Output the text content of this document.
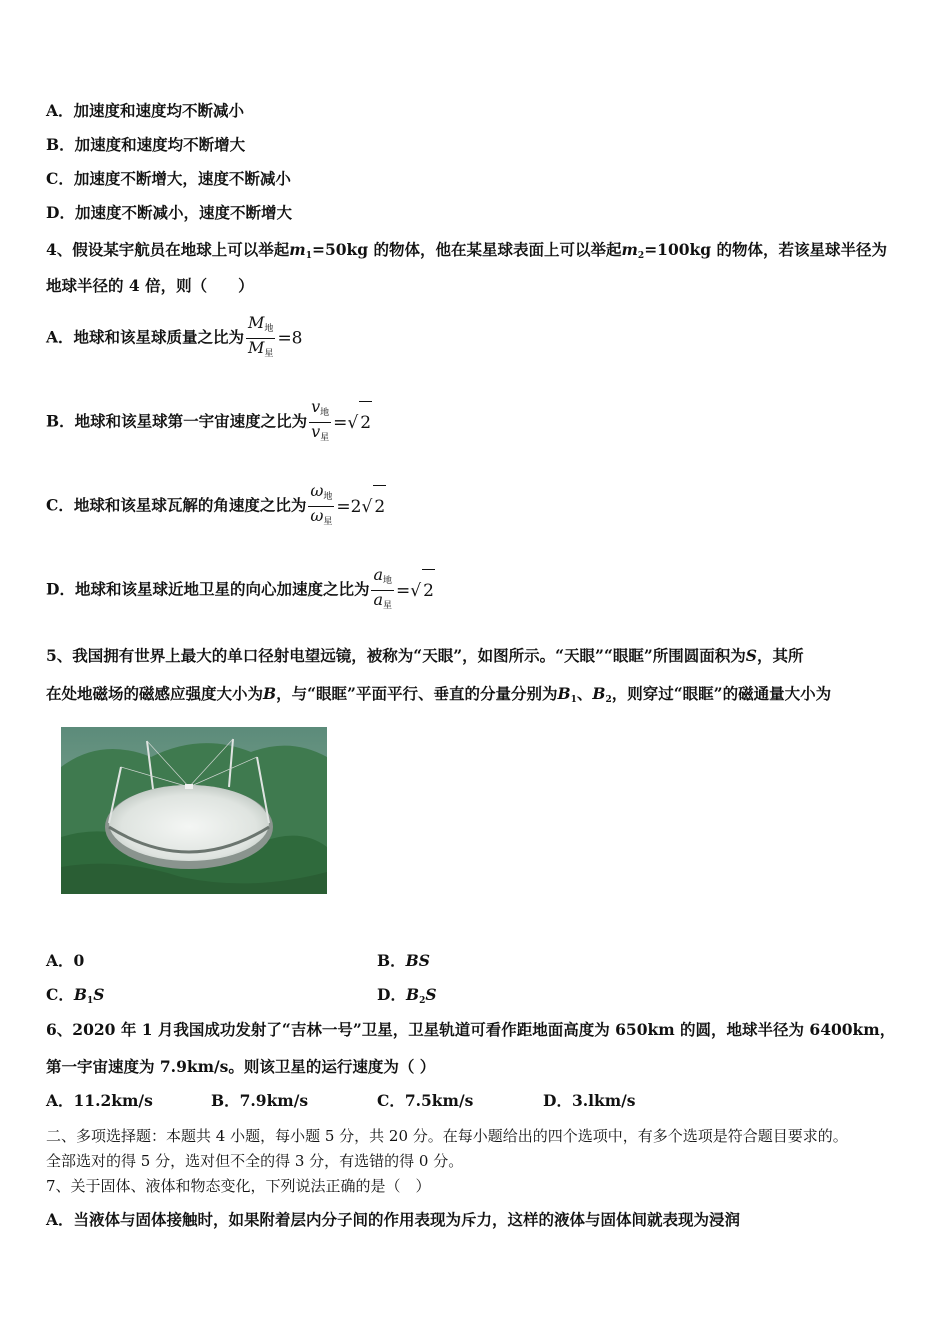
A．加速度和速度均不断减小
B．加速度和速度均不断增大
C．加速度不断增大，速度不断减小
D．加速度不断减小，速度不断增大
4、假设某宇航员在地球上可以举起$m_1=50kg$ 的物体，他在某星球表面上可以举起$m_2=100kg$ 的物体，若该星球半径为
地球半径的 4 倍，则（　　）
A．地球和该星球质量之比为 $\frac{M_地}{M_星} =8$
B．地球和该星球第一宇宙速度之比为 $\frac{v_地}{v_星}$ =√ 2
C．地球和该星球瓦解的角速度之比为 $\frac{\omega_地}{\omega_星} =2√$ 2
D．地球和该星球近地卫星的向心加速度之比为 $\frac{a_地}{a_星}$ =√ 2
5、我国拥有世界上最大的单口径射电望远镜，被称为“天眼”，如图所示。“天眼”“眼眶”所围圆面积为S，其所
在处地磁场的磁感应强度大小为B，与“眼眶”平面平行、垂直的分量分别为$B_1$、$B_2$，则穿过“眼眶”的磁通量大小为
A．0	B．BS
C．$B_1S$	D．$B_2S$
6、2020 年 1 月我国成功发射了“吉林一号”卫星，卫星轨道可看作距地面高度为 650km 的圆，地球半径为 6400km，
第一宇宙速度为 7.9km/s。则该卫星的运行速度为（ ）
A．11.2km/s	B．7.9km/s	C．7.5km/s	D．3.lkm/s
二、多项选择题：本题共 4 小题，每小题 5 分，共 20 分。在每小题给出的四个选项中，有多个选项是符合题目要求的。
全部选对的得 5 分，选对但不全的得 3 分，有选错的得 0 分。
7、关于固体、液体和物态变化，下列说法正确的是（　）
A．当液体与固体接触时，如果附着层内分子间的作用表现为斥力，这样的液体与固体间就表现为浸润
